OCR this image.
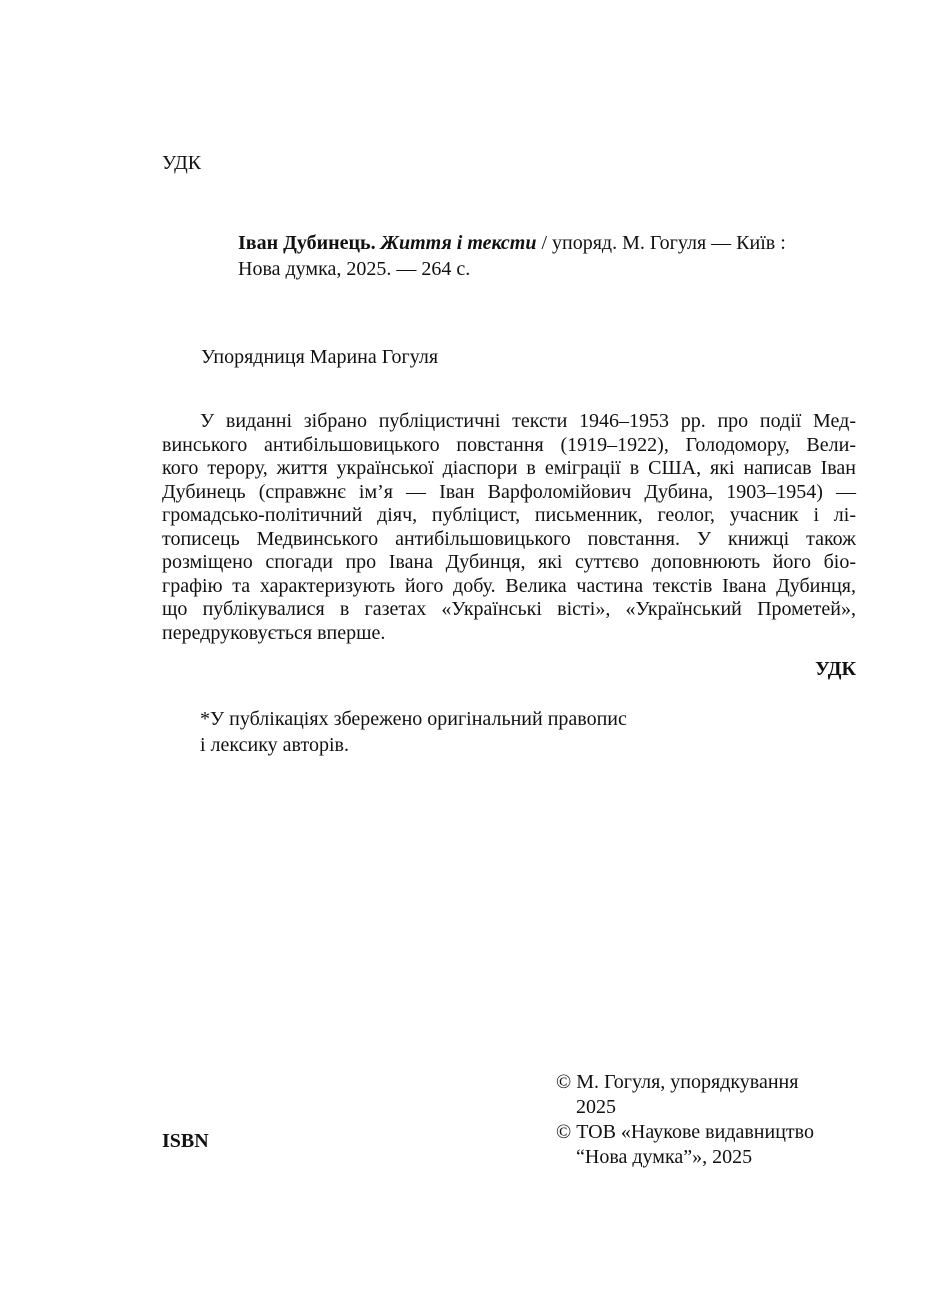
УДК
Іван Дубинець. Життя і тексти / упоряд. М. Гогуля — Київ :
Нова думка, 2025. — 264 с.
Упорядниця Марина Гогуля
У виданні зібрано публіцистичні тексти 1946–1953 рр. про події Мед-
винського антибільшовицького повстання (1919–1922), Голодомору, Вели-
кого терору, життя української діаспори в еміграції в США, які написав Іван
Дубинець (справжнє ім’я — Іван Варфоломійович Дубина, 1903–1954) —
громадсько-політичний діяч, публіцист, письменник, геолог, учасник і лі-
тописець Медвинського антибільшовицького повстання. У книжці також
розміщено спогади про Івана Дубинця, які суттєво доповнюють його біо-
графію та характеризують його добу. Велика частина текстів Івана Дубинця,
що публікувалися в газетах «Українські вісті», «Український Прометей»,
передруковується вперше.
УДК
*У публікаціях збережено оригінальний правопис
і лексику авторів.
ISBN
© М. Гогуля, упорядкування

2025
© ТОВ «Наукове видавництво

“Нова думка”», 2025
